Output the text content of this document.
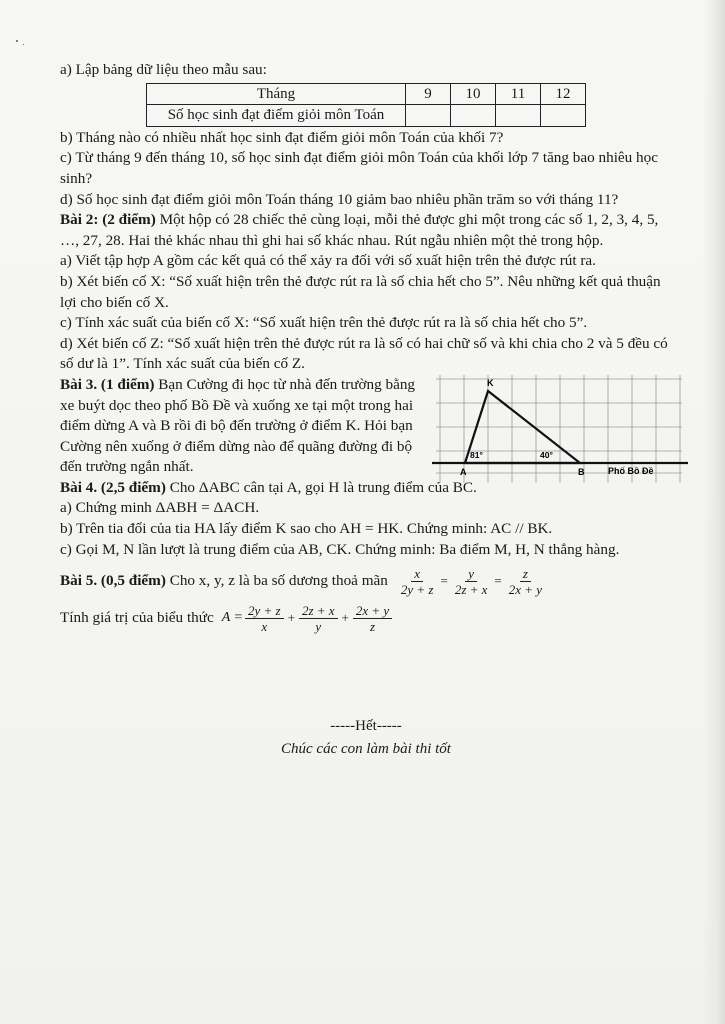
a) Lập bảng dữ liệu theo mẫu sau:

Tháng	9	10	11	12
Số học sinh đạt điểm giỏi môn Toán				

b) Tháng nào có nhiều nhất học sinh đạt điểm giỏi môn Toán của khối 7?

c) Từ tháng 9 đến tháng 10, số học sinh đạt điểm giỏi môn Toán của khối lớp 7 tăng bao nhiêu học sinh?

d) Số học sinh đạt điểm giỏi môn Toán tháng 10 giảm bao nhiêu phần trăm so với tháng 11?

Bài 2: (2 điểm) Một hộp có 28 chiếc thẻ cùng loại, mỗi thẻ được ghi một trong các số 1, 2, 3, 4, 5, …, 27, 28. Hai thẻ khác nhau thì ghi hai số khác nhau. Rút ngẫu nhiên một thẻ trong hộp.

a) Viết tập hợp A gồm các kết quả có thể xảy ra đối với số xuất hiện trên thẻ được rút ra.

b) Xét biến cố X: “Số xuất hiện trên thẻ được rút ra là số chia hết cho 5”. Nêu những kết quả thuận lợi cho biến cố X.

c) Tính xác suất của biến cố X: “Số xuất hiện trên thẻ được rút ra là số chia hết cho 5”.

d) Xét biến cố Z: “Số xuất hiện trên thẻ được rút ra là số có hai chữ số và khi chia cho 2 và 5 đều có số dư là 1”. Tính xác suất của biến cố Z.

Bài 3. (1 điểm) Bạn Cường đi học từ nhà đến trường bằng xe buýt dọc theo phố Bồ Đề và xuống xe tại một trong hai điểm dừng A và B rồi đi bộ đến trường ở điểm K. Hỏi bạn Cường nên xuống ở điểm dừng nào để quãng đường đi bộ đến trường ngắn nhất.

K
A	B
81°	40°
Phố Bồ Đề

Bài 4. (2,5 điểm) Cho ΔABC cân tại A, gọi H là trung điểm của BC.

a) Chứng minh ΔABH = ΔACH.

b) Trên tia đối của tia HA lấy điểm K sao cho AH = HK. Chứng minh: AC // BK.

c) Gọi M, N lần lượt là trung điểm của AB, CK. Chứng minh: Ba điểm M, H, N thẳng hàng.

Bài 5. (0,5 điểm) Cho x, y, z là ba số dương thoả mãn $\frac{x}{2y + z} = \frac{y}{2z + x} = \frac{z}{2x + y}$
Tính giá trị của biểu thức $A = \frac{2y + z}{x} + \frac{2z + x}{y} + \frac{2x + y}{z}$

-----Hết-----

Chúc các con làm bài thi tốt
